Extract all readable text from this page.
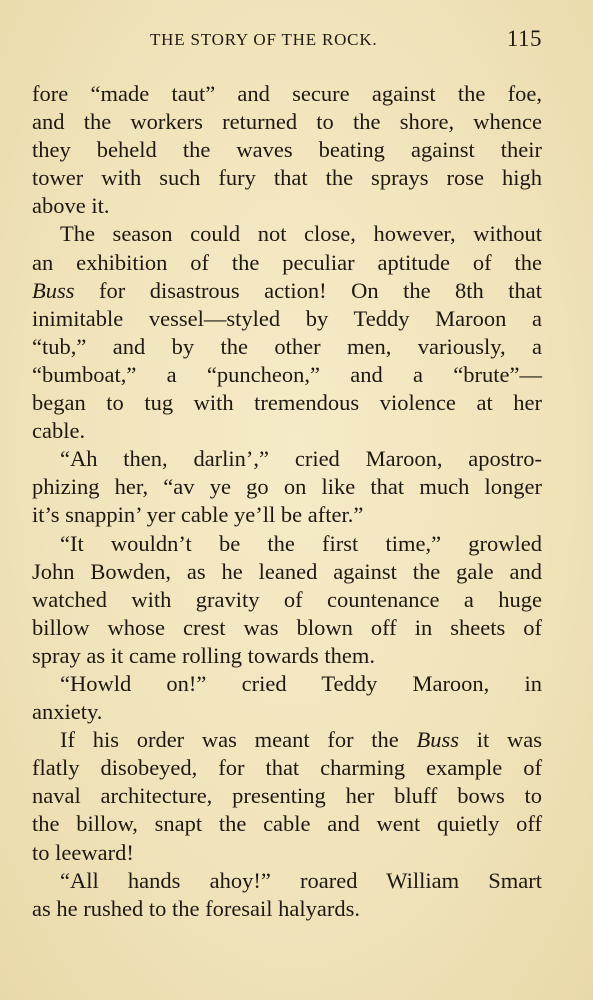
THE STORY OF THE ROCK.	115
fore “made taut” and secure against the foe,
and the workers returned to the shore, whence
they beheld the waves beating against their
tower with such fury that the sprays rose high
above it.
The season could not close, however, without
an exhibition of the peculiar aptitude of the
Buss for disastrous action! On the 8th that
inimitable vessel—styled by Teddy Maroon a
“tub,” and by the other men, variously, a
“bumboat,” a “puncheon,” and a “brute”—
began to tug with tremendous violence at her
cable.
“Ah then, darlin’,” cried Maroon, apostro-
phizing her, “av ye go on like that much longer
it’s snappin’ yer cable ye’ll be after.”
“It wouldn’t be the first time,” growled
John Bowden, as he leaned against the gale and
watched with gravity of countenance a huge
billow whose crest was blown off in sheets of
spray as it came rolling towards them.
“Howld on!” cried Teddy Maroon, in
anxiety.
If his order was meant for the Buss it was
flatly disobeyed, for that charming example of
naval architecture, presenting her bluff bows to
the billow, snapt the cable and went quietly off
to leeward!
“All hands ahoy!” roared William Smart
as he rushed to the foresail halyards.
